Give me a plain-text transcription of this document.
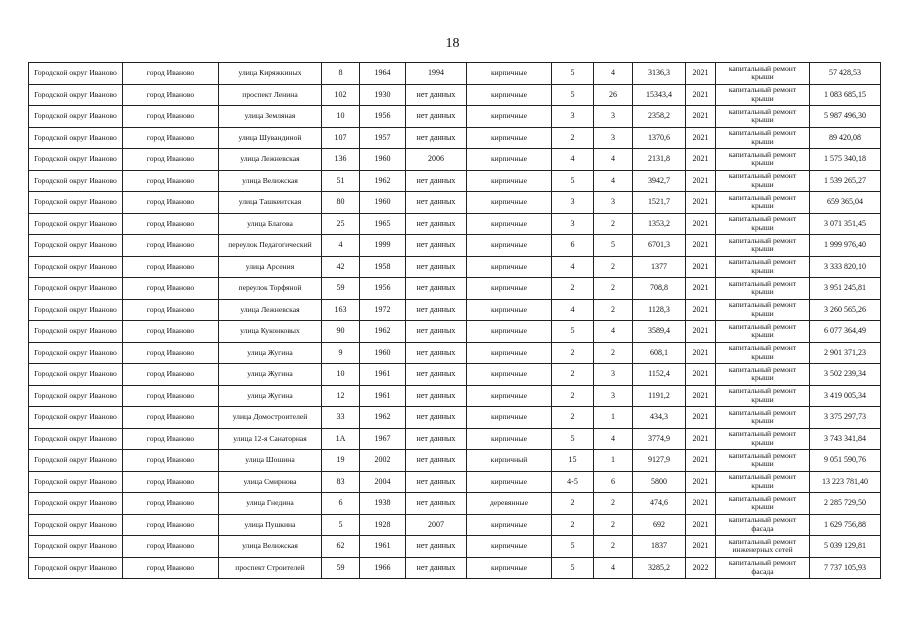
18
Городской округ Иваново	город Иваново	улица Киряжкиных	8	1964	1994	кирпичные	5	4	3136,3	2021	капитальный ремонт крыши	57 428,53
Городской округ Иваново	город Иваново	проспект Ленина	102	1930	нет данных	кирпичные	5	26	15343,4	2021	капитальный ремонт крыши	1 083 685,15
Городской округ Иваново	город Иваново	улица Земляная	10	1956	нет данных	кирпичные	3	3	2358,2	2021	капитальный ремонт крыши	5 987 496,30
Городской округ Иваново	город Иваново	улица Шувандиной	107	1957	нет данных	кирпичные	2	3	1370,6	2021	капитальный ремонт крыши	89 420,08
Городской округ Иваново	город Иваново	улица Лежневская	136	1960	2006	кирпичные	4	4	2131,8	2021	капитальный ремонт крыши	1 575 340,18
Городской округ Иваново	город Иваново	улица Велижская	51	1962	нет данных	кирпичные	5	4	3942,7	2021	капитальный ремонт крыши	1 539 265,27
Городской округ Иваново	город Иваново	улица Ташкентская	80	1960	нет данных	кирпичные	3	3	1521,7	2021	капитальный ремонт крыши	659 365,04
Городской округ Иваново	город Иваново	улица Благова	25	1965	нет данных	кирпичные	3	2	1353,2	2021	капитальный ремонт крыши	3 071 351,45
Городской округ Иваново	город Иваново	переулок Педагогический	4	1999	нет данных	кирпичные	6	5	6701,3	2021	капитальный ремонт крыши	1 999 976,40
Городской округ Иваново	город Иваново	улица Арсения	42	1958	нет данных	кирпичные	4	2	1377	2021	капитальный ремонт крыши	3 333 820,10
Городской округ Иваново	город Иваново	переулок Торфяной	59	1956	нет данных	кирпичные	2	2	708,8	2021	капитальный ремонт крыши	3 951 245,81
Городской округ Иваново	город Иваново	улица Лежневская	163	1972	нет данных	кирпичные	4	2	1128,3	2021	капитальный ремонт крыши	3 260 565,26
Городской округ Иваново	город Иваново	улица Куконковых	90	1962	нет данных	кирпичные	5	4	3589,4	2021	капитальный ремонт крыши	6 077 364,49
Городской округ Иваново	город Иваново	улица Жугина	9	1960	нет данных	кирпичные	2	2	608,1	2021	капитальный ремонт крыши	2 901 371,23
Городской округ Иваново	город Иваново	улица Жугина	10	1961	нет данных	кирпичные	2	3	1152,4	2021	капитальный ремонт крыши	3 502 239,34
Городской округ Иваново	город Иваново	улица Жугина	12	1961	нет данных	кирпичные	2	3	1191,2	2021	капитальный ремонт крыши	3 419 005,34
Городской округ Иваново	город Иваново	улица Домостроителей	33	1962	нет данных	кирпичные	2	1	434,3	2021	капитальный ремонт крыши	3 375 297,73
Городской округ Иваново	город Иваново	улица 12-я Санаторная	1А	1967	нет данных	кирпичные	5	4	3774,9	2021	капитальный ремонт крыши	3 743 341,84
Городской округ Иваново	город Иваново	улица Шошина	19	2002	нет данных	кирпичный	15	1	9127,9	2021	капитальный ремонт крыши	9 051 590,76
Городской округ Иваново	город Иваново	улица Смирнова	83	2004	нет данных	кирпичные	4-5	6	5800	2021	капитальный ремонт крыши	13 223 781,40
Городской округ Иваново	город Иваново	улица Гнедина	6	1938	нет данных	деревянные	2	2	474,6	2021	капитальный ремонт крыши	2 285 729,50
Городской округ Иваново	город Иваново	улица Пушкина	5	1928	2007	кирпичные	2	2	692	2021	капитальный ремонт фасада	1 629 756,88
Городской округ Иваново	город Иваново	улица Велижская	62	1961	нет данных	кирпичные	5	2	1837	2021	капитальный ремонт инженерных сетей	5 039 129,81
Городской округ Иваново	город Иваново	проспект Строителей	59	1966	нет данных	кирпичные	5	4	3285,2	2022	капитальный ремонт фасада	7 737 105,93
